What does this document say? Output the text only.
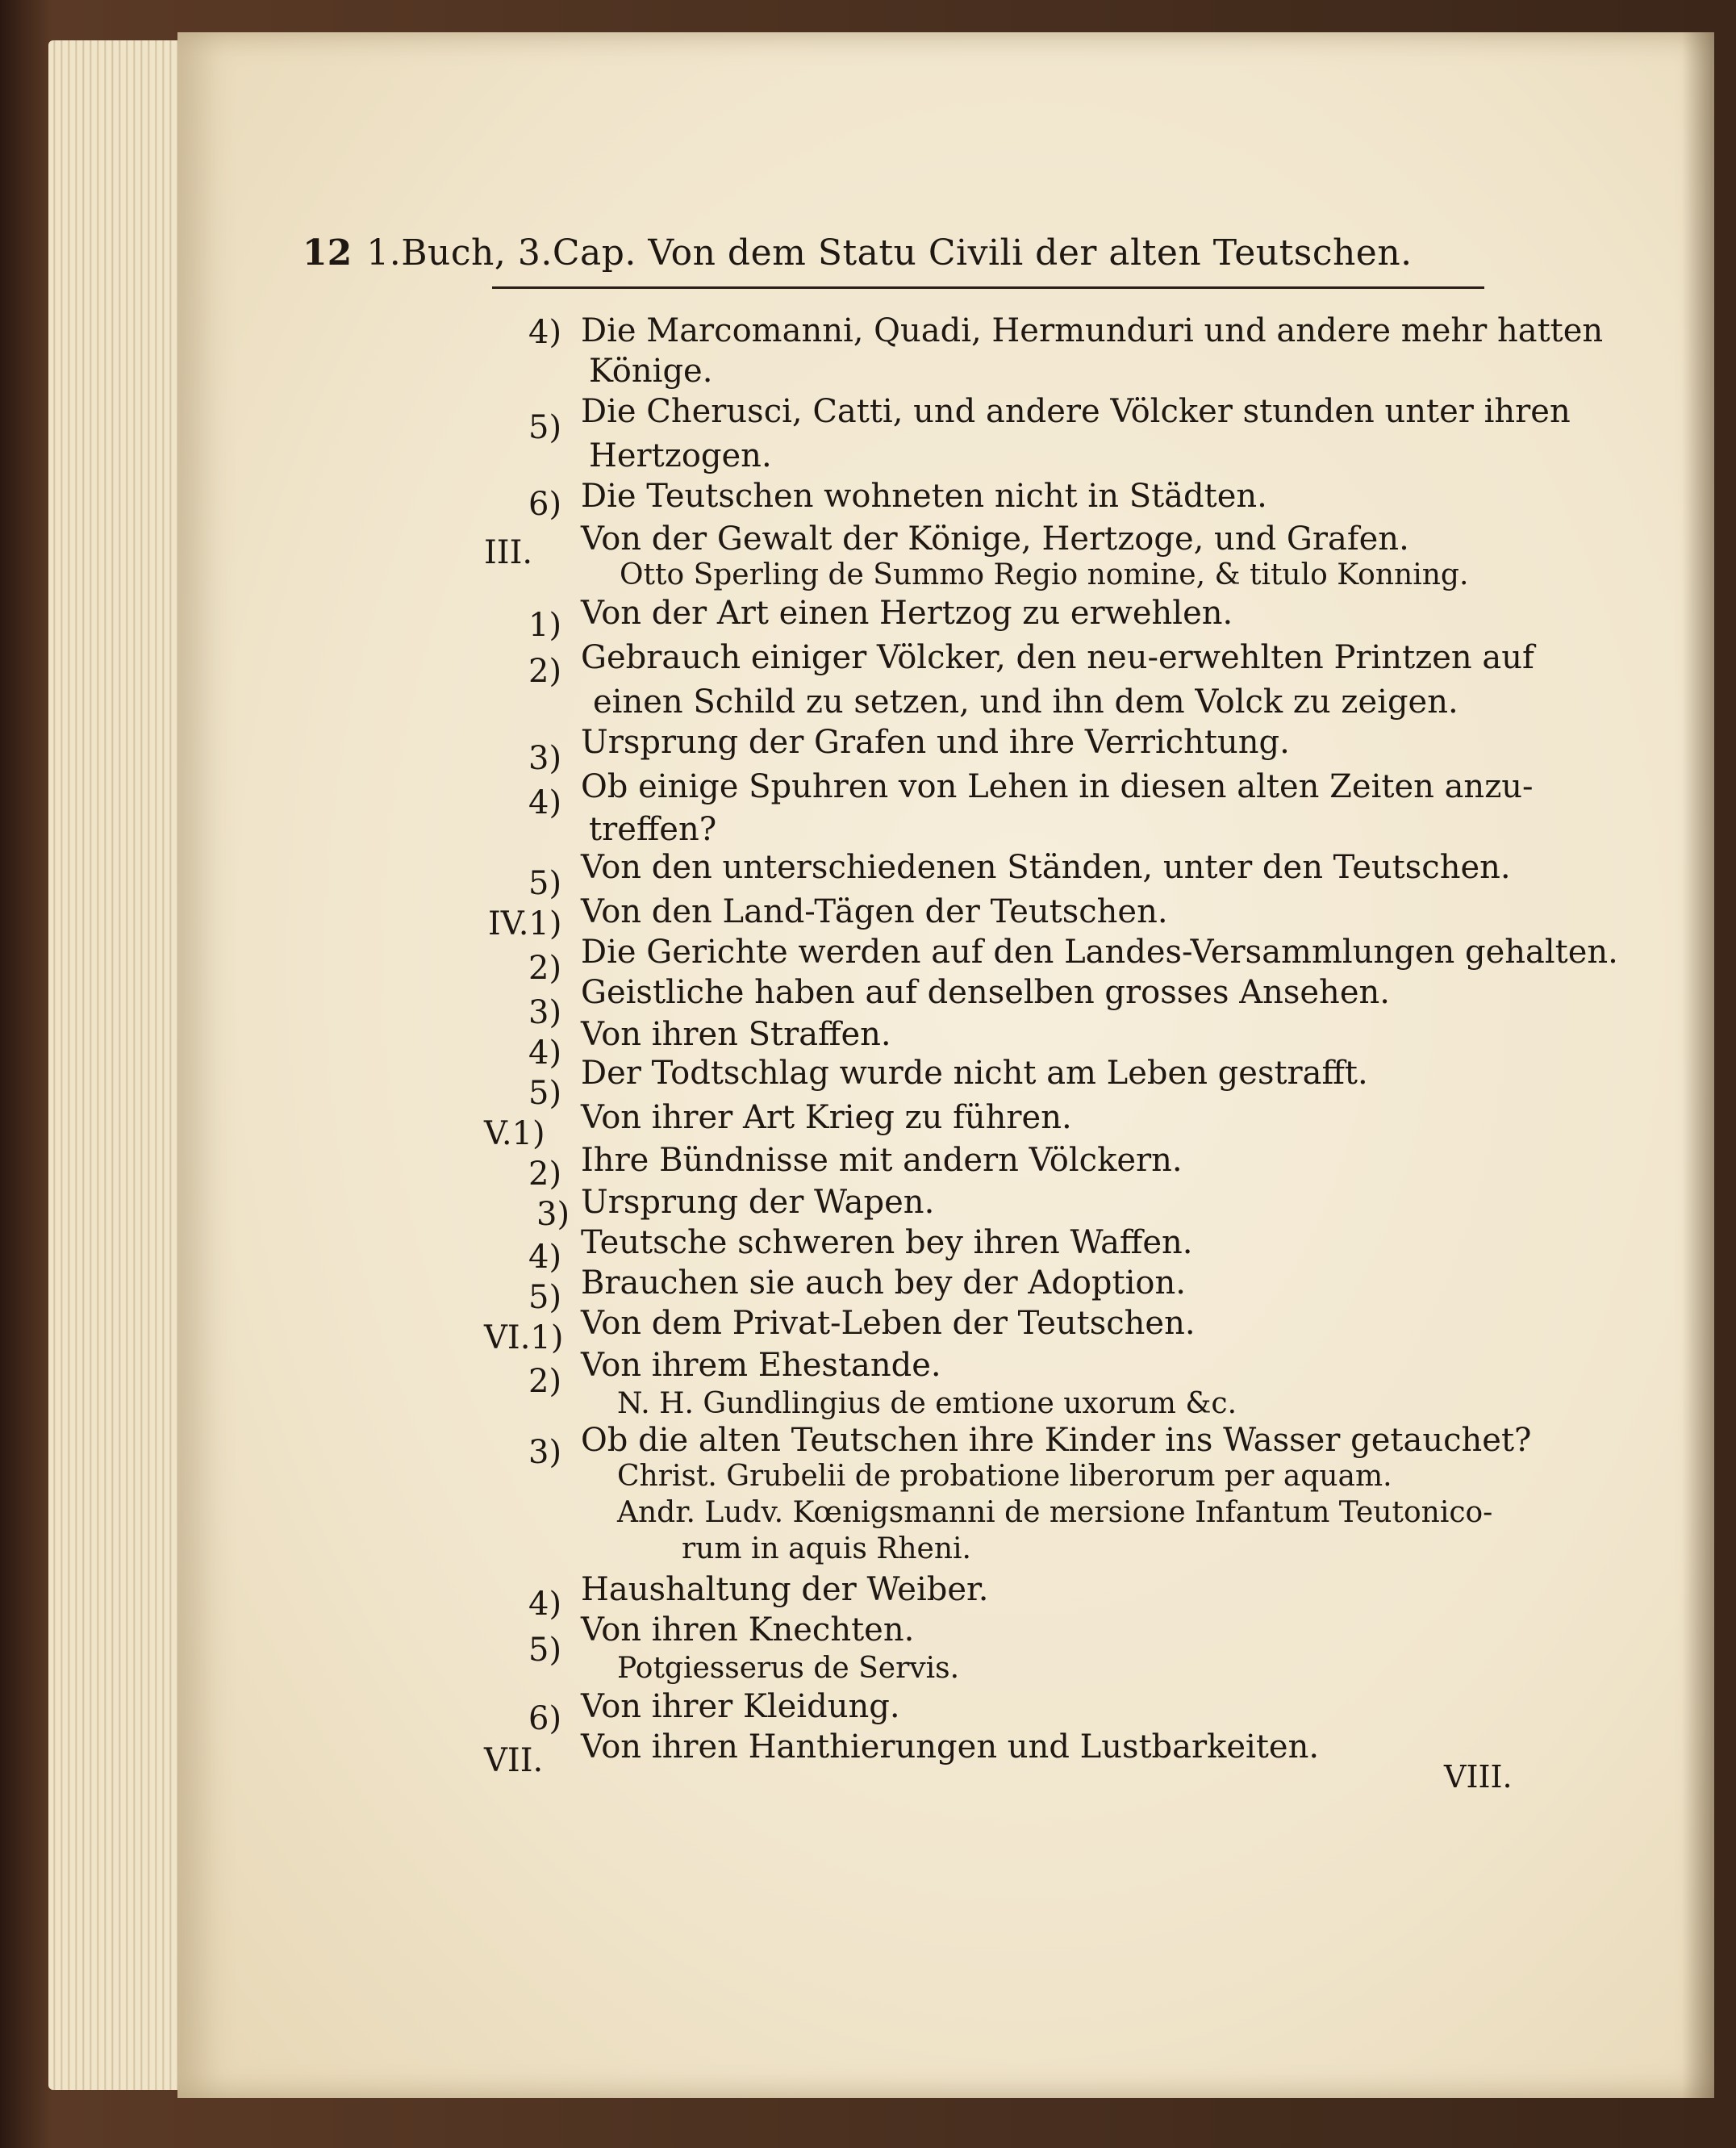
12 1.Buch, 3.Cap. Von dem Statu Civili der alten Teutschen.
4) Die Marcomanni, Quadi, Hermunduri und andere mehr hatten
Könige.
5) Die Cherusci, Catti, und andere Völcker stunden unter ihren
Hertzogen.
6) Die Teutschen wohneten nicht in Städten.
III. Von der Gewalt der Könige, Hertzoge, und Grafen.
Otto Sperling de Summo Regio nomine, & titulo Konning.
1) Von der Art einen Hertzog zu erwehlen.
2) Gebrauch einiger Völcker, den neu-erwehlten Printzen auf
einen Schild zu setzen, und ihn dem Volck zu zeigen.
3) Ursprung der Grafen und ihre Verrichtung.
4) Ob einige Spuhren von Lehen in diesen alten Zeiten anzu-
treffen?
5) Von den unterschiedenen Ständen, unter den Teutschen.
IV.1) Von den Land-Tägen der Teutschen.
2) Die Gerichte werden auf den Landes-Versammlungen gehalten.
3)
Geistliche haben auf denselben grosses Ansehen.
4) Von ihren Straffen.
5)
Der Todtschlag wurde nicht am Leben gestrafft.
V.1) Von ihrer Art Krieg zu führen.
2) Ihre Bündnisse mit andern Völckern.
3) Ursprung der Wapen.
4) Teutsche schweren bey ihren Waffen.
5) Brauchen sie auch bey der Adoption.
VI.1) Von dem Privat-Leben der Teutschen.
2) Von ihrem Ehestande.
N. H. Gundlingius de emtione uxorum &c.
3) Ob die alten Teutschen ihre Kinder ins Wasser getauchet?
Christ. Grubelii de probatione liberorum per aquam.
Andr. Ludv. Kœnigsmanni de mersione Infantum Teutonico-
rum in aquis Rheni.
4) Haushaltung der Weiber.
5)
Von ihren Knechten.
Potgiesserus de Servis.
6) Von ihrer Kleidung.
VII. Von ihren Hanthierungen und Lustbarkeiten.
VIII.
